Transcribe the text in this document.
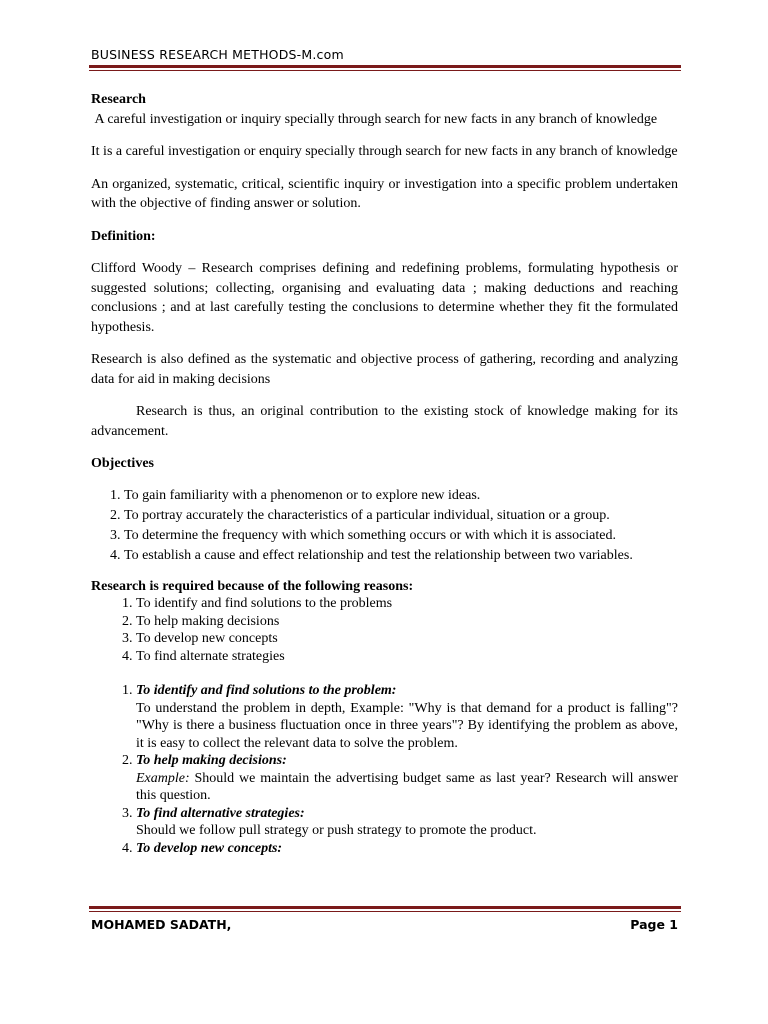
BUSINESS RESEARCH METHODS-M.com

Research

A careful investigation or inquiry specially through search for new facts in any branch of knowledge

It is a careful investigation or enquiry specially through search for new facts in any branch of knowledge

An organized, systematic, critical, scientific inquiry or investigation into a specific problem undertaken with the objective of finding answer or solution.

Definition:

Clifford Woody – Research comprises defining and redefining problems, formulating hypothesis or suggested solutions; collecting, organising and evaluating data ; making deductions and reaching conclusions ; and at last carefully testing the conclusions to determine whether they fit the formulated hypothesis.

Research is also defined as the systematic and objective process of gathering, recording and analyzing data for aid in making decisions

Research is thus, an original contribution to the existing stock of knowledge making for its advancement.

Objectives

1. To gain familiarity with a phenomenon or to explore new ideas.
2. To portray accurately the characteristics of a particular individual, situation or a group.
3. To determine the frequency with which something occurs or with which it is associated.
4. To establish a cause and effect relationship and test the relationship between two variables.

Research is required because of the following reasons:

1. To identify and find solutions to the problems
2. To help making decisions
3. To develop new concepts
4. To find alternate strategies
1. To identify and find solutions to the problem:
To understand the problem in depth, Example: "Why is that demand for a product is falling"? "Why is there a business fluctuation once in three years"? By identifying the problem as above, it is easy to collect the relevant data to solve the problem.
2. To help making decisions:
Example: Should we maintain the advertising budget same as last year? Research will answer this question.
3. To find alternative strategies:
Should we follow pull strategy or push strategy to promote the product.
4. To develop new concepts:
MOHAMED SADATH,	Page 1
